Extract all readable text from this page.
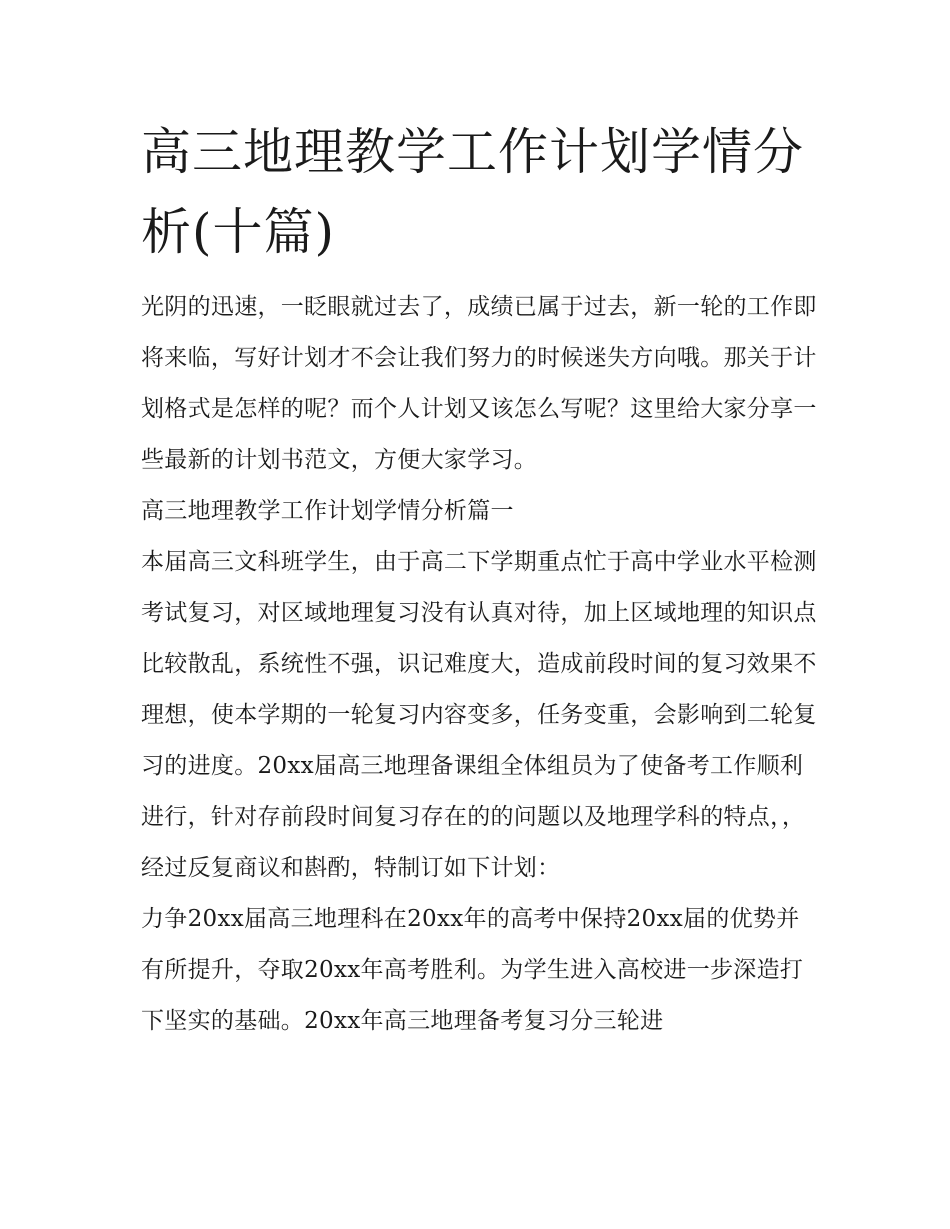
高三地理教学工作计划学情分析(十篇)

光阴的迅速，一眨眼就过去了，成绩已属于过去，新一轮的工作即将来临，写好计划才不会让我们努力的时候迷失方向哦。那关于计划格式是怎样的呢？而个人计划又该怎么写呢？这里给大家分享一些最新的计划书范文，方便大家学习。

高三地理教学工作计划学情分析篇一

本届高三文科班学生，由于高二下学期重点忙于高中学业水平检测考试复习，对区域地理复习没有认真对待，加上区域地理的知识点比较散乱，系统性不强，识记难度大，造成前段时间的复习效果不理想，使本学期的一轮复习内容变多，任务变重，会影响到二轮复习的进度。20xx届高三地理备课组全体组员为了使备考工作顺利进行，针对存前段时间复习存在的的问题以及地理学科的特点，，经过反复商议和斟酌，特制订如下计划：

力争20xx届高三地理科在20xx年的高考中保持20xx届的优势并有所提升，夺取20xx年高考胜利。为学生进入高校进一步深造打下坚实的基础。20xx年高三地理备考复习分三轮进
